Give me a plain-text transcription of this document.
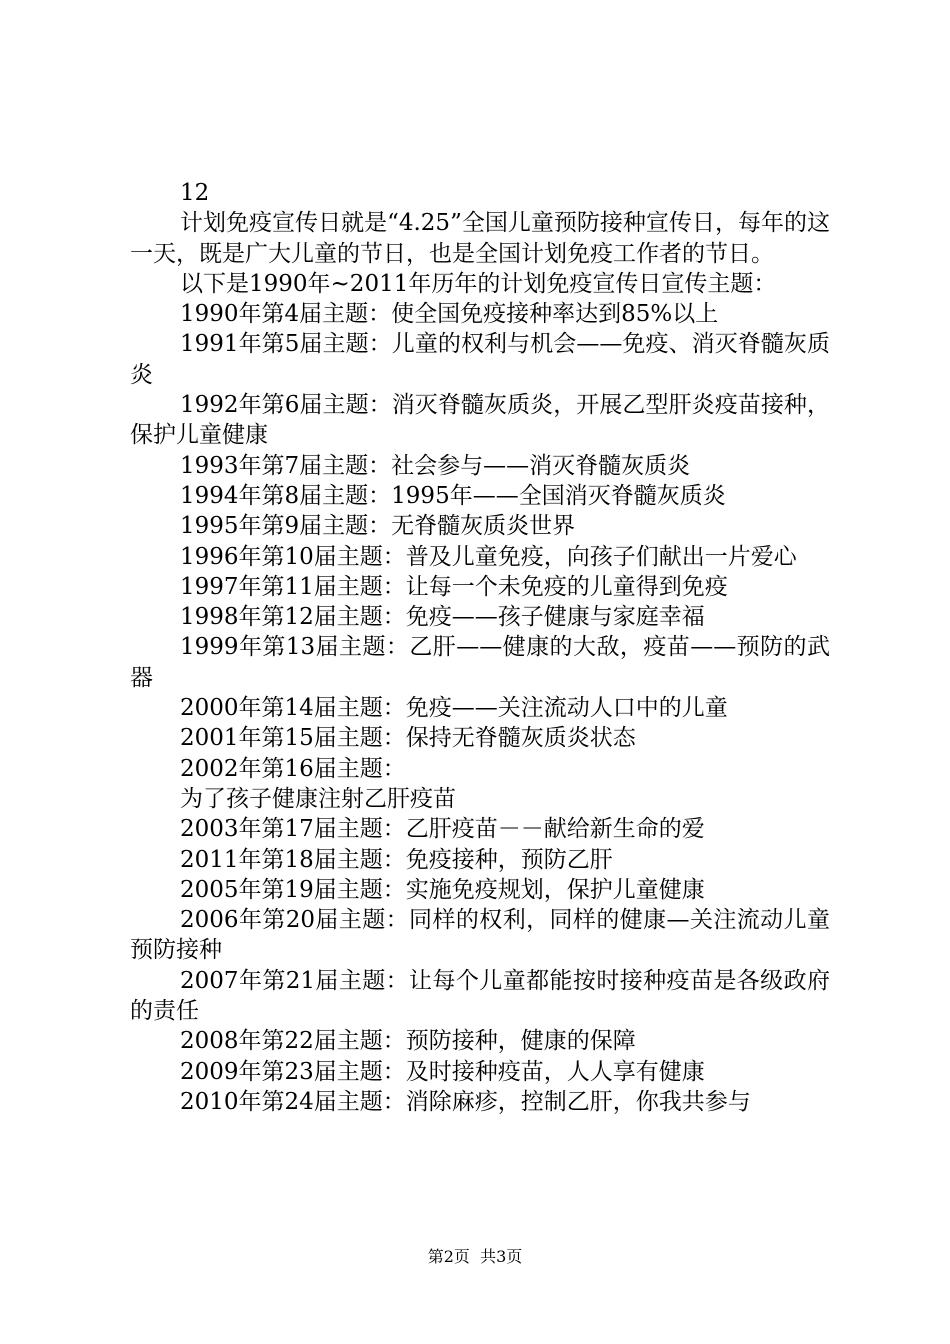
12

计划免疫宣传日就是“4.25”全国儿童预防接种宣传日，每年的这一天，既是广大儿童的节日，也是全国计划免疫工作者的节日。

以下是1990年~2011年历年的计划免疫宣传日宣传主题：

1990年第4届主题：使全国免疫接种率达到85%以上

1991年第5届主题：儿童的权利与机会——免疫、消灭脊髓灰质炎

1992年第6届主题：消灭脊髓灰质炎，开展乙型肝炎疫苗接种，保护儿童健康

1993年第7届主题：社会参与——消灭脊髓灰质炎

1994年第8届主题：1995年——全国消灭脊髓灰质炎

1995年第9届主题：无脊髓灰质炎世界

1996年第10届主题：普及儿童免疫，向孩子们献出一片爱心

1997年第11届主题：让每一个未免疫的儿童得到免疫

1998年第12届主题：免疫——孩子健康与家庭幸福

1999年第13届主题：乙肝——健康的大敌，疫苗——预防的武器

2000年第14届主题：免疫——关注流动人口中的儿童

2001年第15届主题：保持无脊髓灰质炎状态

2002年第16届主题：

为了孩子健康注射乙肝疫苗

2003年第17届主题：乙肝疫苗－－献给新生命的爱

2011年第18届主题：免疫接种，预防乙肝

2005年第19届主题：实施免疫规划，保护儿童健康

2006年第20届主题：同样的权利，同样的健康—关注流动儿童预防接种

2007年第21届主题：让每个儿童都能按时接种疫苗是各级政府的责任

2008年第22届主题：预防接种，健康的保障

2009年第23届主题：及时接种疫苗，人人享有健康

2010年第24届主题：消除麻疹，控制乙肝，你我共参与

第2页  共3页
